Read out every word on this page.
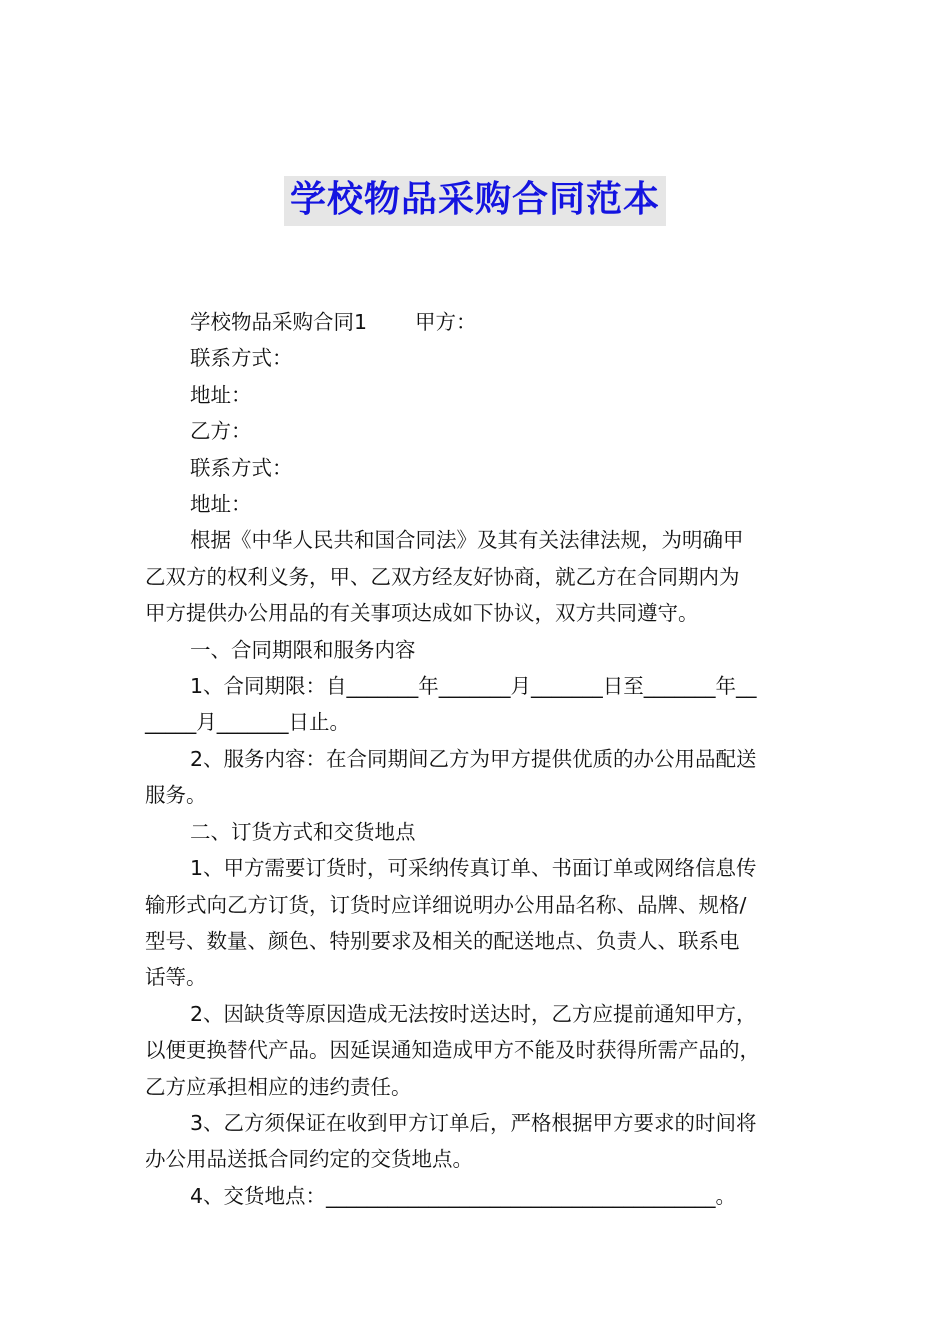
学校物品采购合同范本

学校物品采购合同1 甲方：

联系方式：

地址：

乙方：

联系方式：

地址：

根据《中华人民共和国合同法》及其有关法律法规，为明确甲

乙双方的权利义务，甲、乙双方经友好协商，就乙方在合同期内为

甲方提供办公用品的有关事项达成如下协议，双方共同遵守。

一、合同期限和服务内容

1、合同期限：自_______年_______月_______日至_______年__

_____月_______日止。

2、服务内容：在合同期间乙方为甲方提供优质的办公用品配送

服务。

二、订货方式和交货地点

1、甲方需要订货时，可采纳传真订单、书面订单或网络信息传

输形式向乙方订货，订货时应详细说明办公用品名称、品牌、规格/

型号、数量、颜色、特别要求及相关的配送地点、负责人、联系电

话等。

2、因缺货等原因造成无法按时送达时，乙方应提前通知甲方，

以便更换替代产品。因延误通知造成甲方不能及时获得所需产品的，

乙方应承担相应的违约责任。

3、乙方须保证在收到甲方订单后，严格根据甲方要求的时间将

办公用品送抵合同约定的交货地点。

4、交货地点：______________________________________。
